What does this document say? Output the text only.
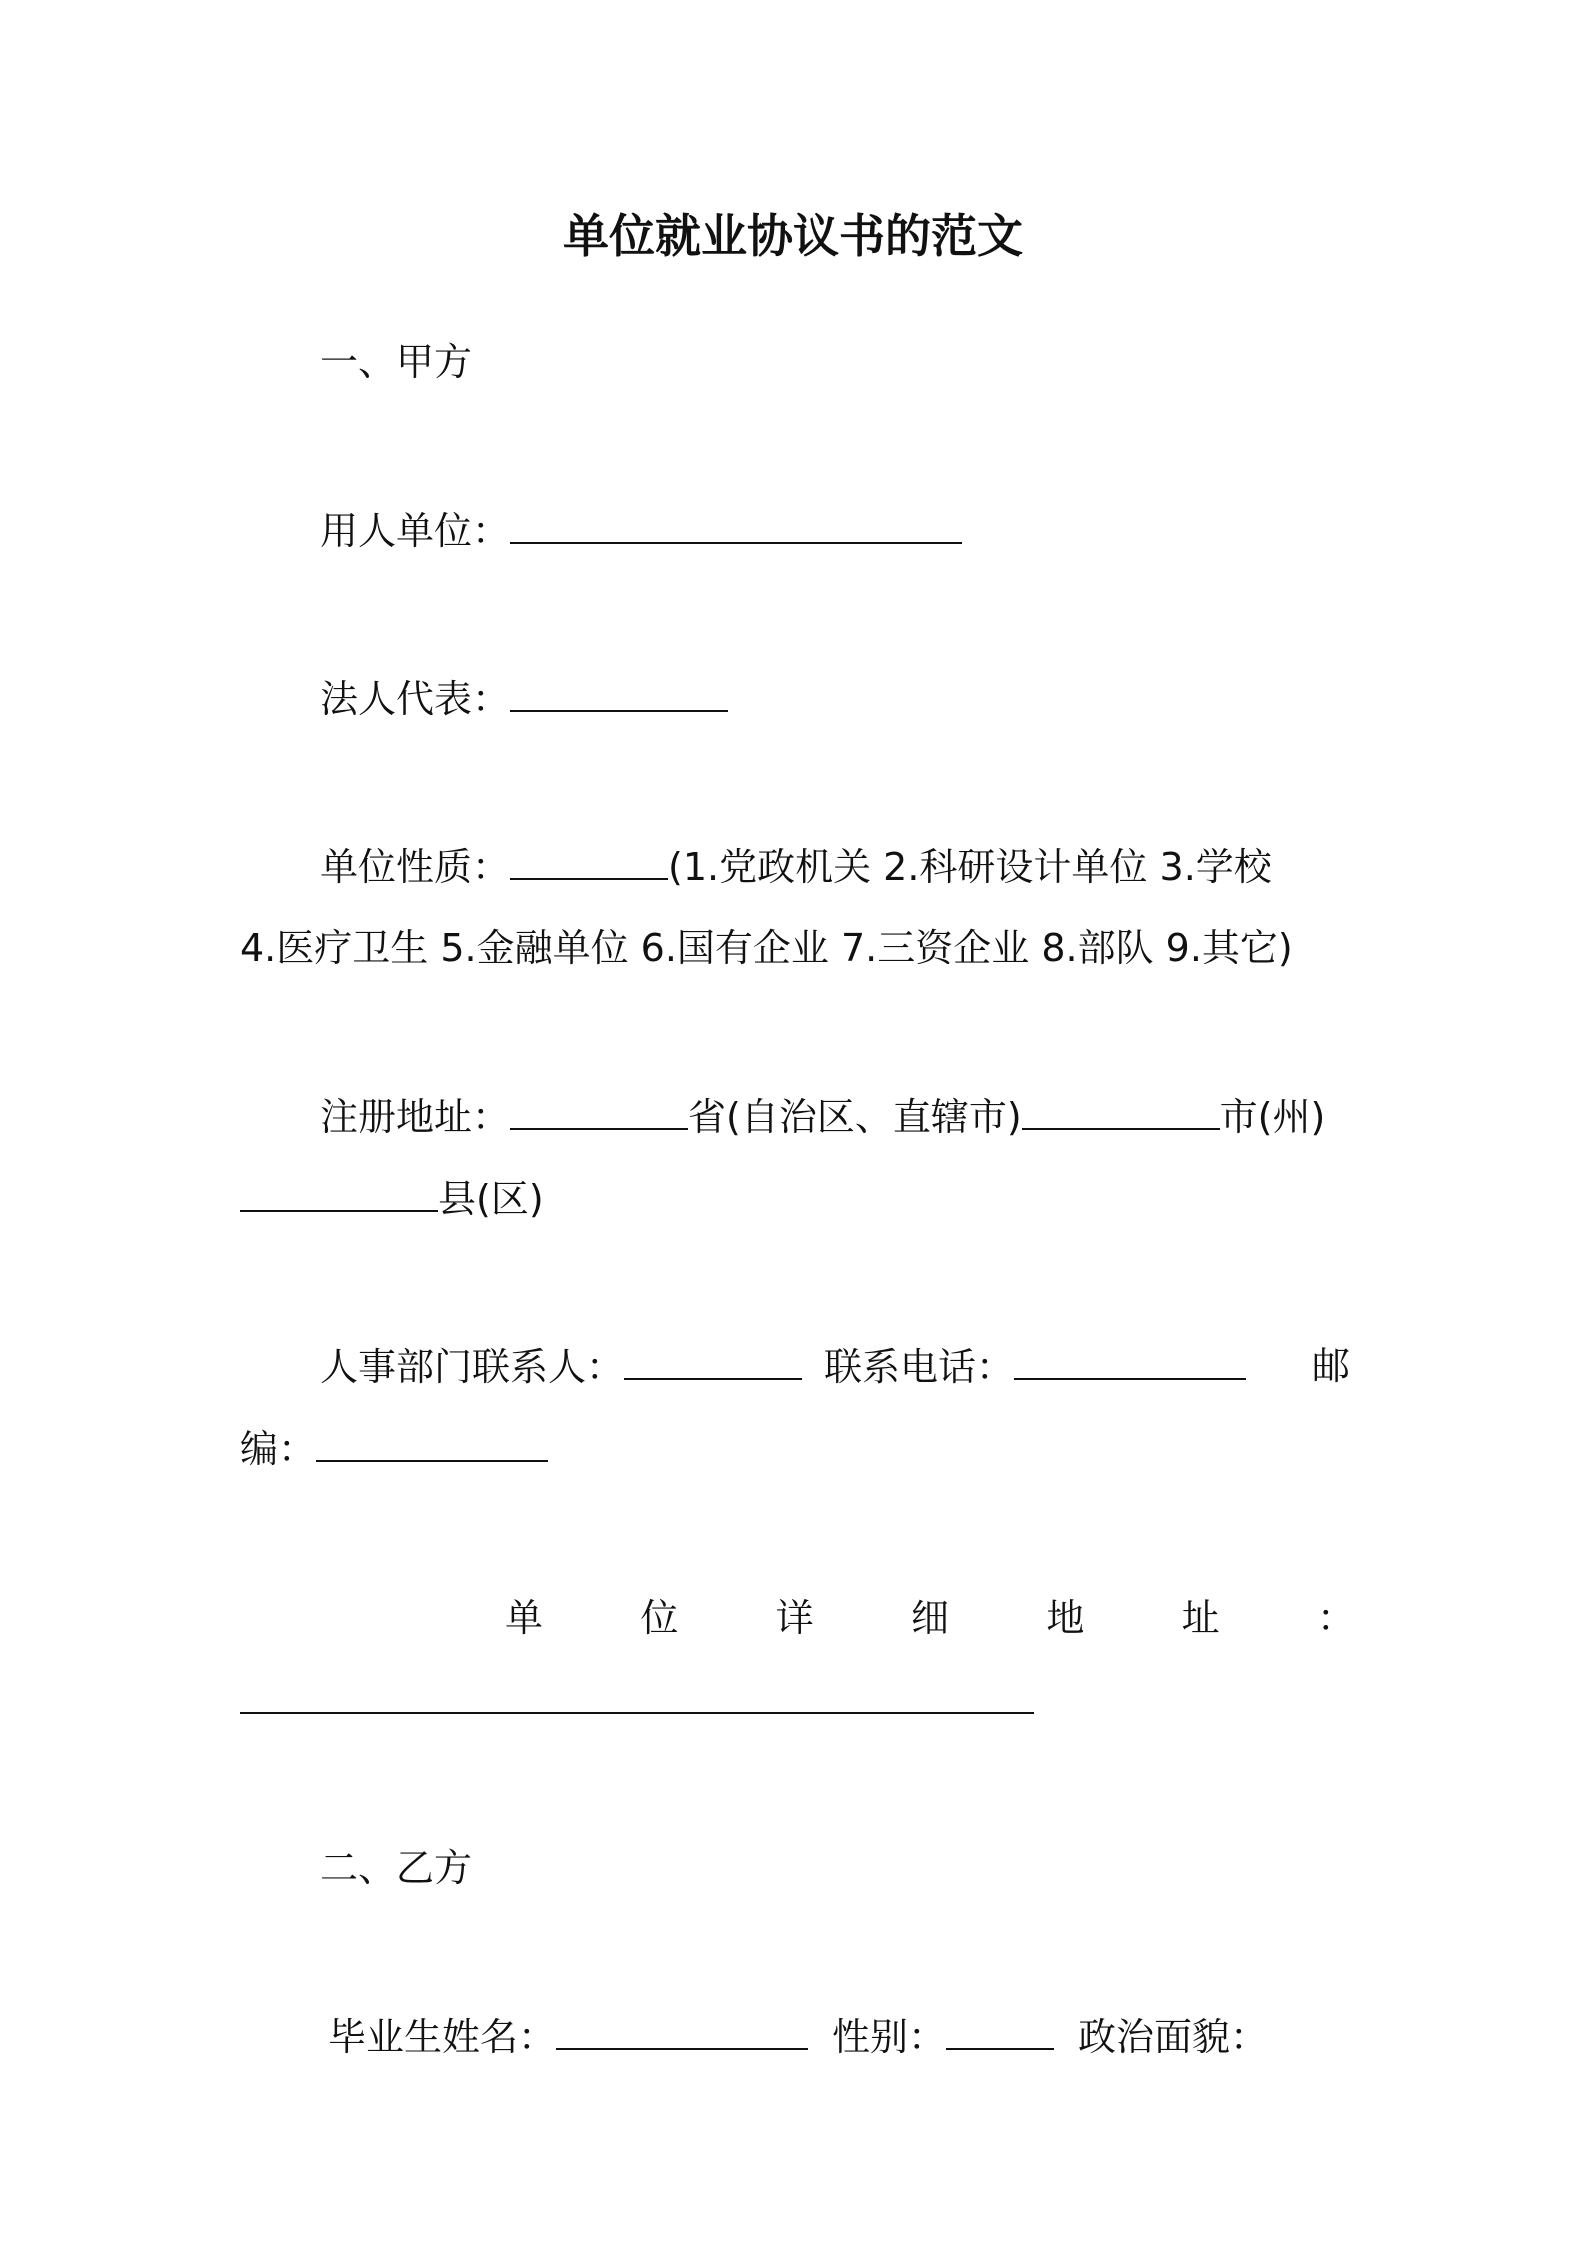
单位就业协议书的范文
一、甲方
用人单位：
法人代表：
单位性质：	(1.党政机关 2.科研设计单位 3.学校
4.医疗卫生 5.金融单位 6.国有企业 7.三资企业 8.部队 9.其它)
注册地址：	省(自治区、直辖市)	市(州)
县(区)
人事部门联系人：	联系电话：	邮
编：
单	位	详	细	地	址	：
二、乙方
毕业生姓名：	性别：	政治面貌：
